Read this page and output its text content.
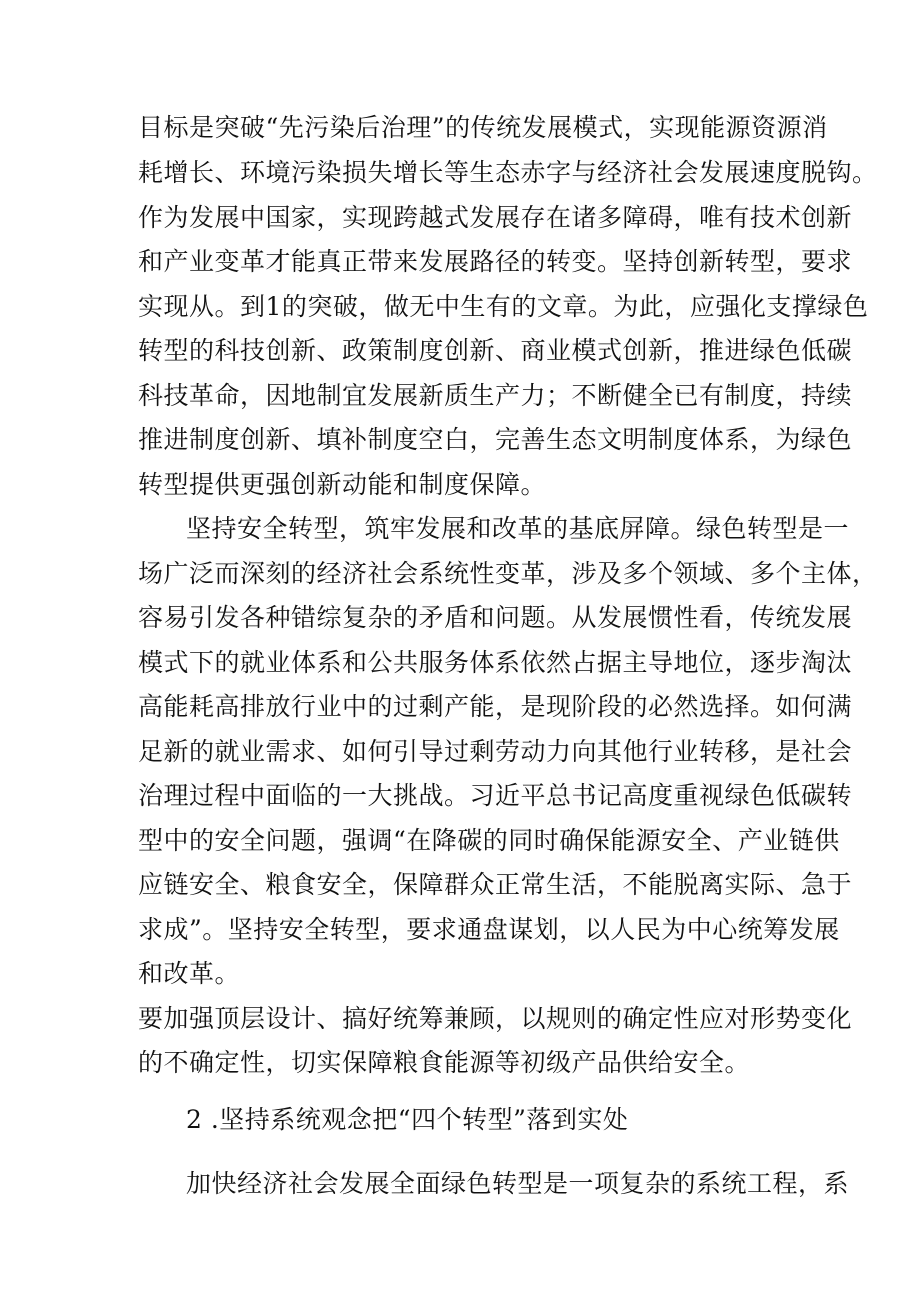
目标是突破“先污染后治理”的传统发展模式，实现能源资源消
耗增长、环境污染损失增长等生态赤字与经济社会发展速度脱钩。
作为发展中国家，实现跨越式发展存在诸多障碍，唯有技术创新
和产业变革才能真正带来发展路径的转变。坚持创新转型，要求
实现从。到1的突破，做无中生有的文章。为此，应强化支撑绿色
转型的科技创新、政策制度创新、商业模式创新，推进绿色低碳
科技革命，因地制宜发展新质生产力；不断健全已有制度，持续
推进制度创新、填补制度空白，完善生态文明制度体系，为绿色
转型提供更强创新动能和制度保障。
坚持安全转型，筑牢发展和改革的基底屏障。绿色转型是一
场广泛而深刻的经济社会系统性变革，涉及多个领域、多个主体，
容易引发各种错综复杂的矛盾和问题。从发展惯性看，传统发展
模式下的就业体系和公共服务体系依然占据主导地位，逐步淘汰
高能耗高排放行业中的过剩产能，是现阶段的必然选择。如何满
足新的就业需求、如何引导过剩劳动力向其他行业转移，是社会
治理过程中面临的一大挑战。习近平总书记高度重视绿色低碳转
型中的安全问题，强调“在降碳的同时确保能源安全、产业链供
应链安全、粮食安全，保障群众正常生活，不能脱离实际、急于
求成”。坚持安全转型，要求通盘谋划，以人民为中心统筹发展
和改革。
要加强顶层设计、搞好统筹兼顾，以规则的确定性应对形势变化
的不确定性，切实保障粮食能源等初级产品供给安全。
2 .坚持系统观念把“四个转型”落到实处
加快经济社会发展全面绿色转型是一项复杂的系统工程，系
